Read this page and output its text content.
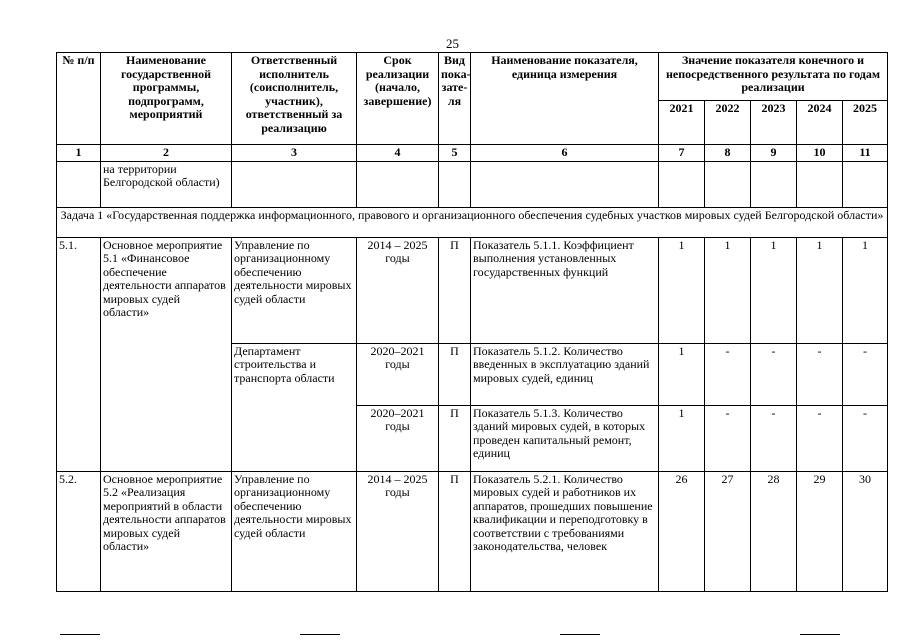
25
№ п/п	Наименование государственной программы, подпрограмм, мероприятий	Ответственный исполнитель (соисполнитель, участник), ответственный за реализацию	Срок реализации (начало, завершение)	Вид пока-зате-ля	Наименование показателя, единица измерения	Значение показателя конечного и непосредственного результата по годам реализации				
						2021	2022	2023	2024	2025
1	2	3	4	5	6	7	8	9	10	11
	на территории Белгородской области)									
Задача 1 «Государственная поддержка информационного, правового и организационного обеспечения судебных участков мировых судей Белгородской области»										
5.1.	Основное мероприятие 5.1 «Финансовое обеспечение деятельности аппаратов мировых судей области»	Управление по организационному обеспечению деятельности мировых судей области	2014 – 2025 годы	П	Показатель 5.1.1. Коэффициент выполнения установленных государственных функций	1	1	1	1	1
		Департамент строительства и транспорта области	2020–2021 годы	П	Показатель 5.1.2. Количество введенных в эксплуатацию зданий мировых судей, единиц	1	-	-	-	-
			2020–2021 годы	П	Показатель 5.1.3. Количество зданий мировых судей, в которых проведен капитальный ремонт, единиц	1	-	-	-	-
5.2.	Основное мероприятие 5.2 «Реализация мероприятий в области деятельности аппаратов мировых судей области»	Управление по организационному обеспечению деятельности мировых судей области	2014 – 2025 годы	П	Показатель 5.2.1. Количество мировых судей и работников их аппаратов, прошедших повышение квалификации и переподготовку в соответствии с требованиями законодательства, человек	26	27	28	29	30
